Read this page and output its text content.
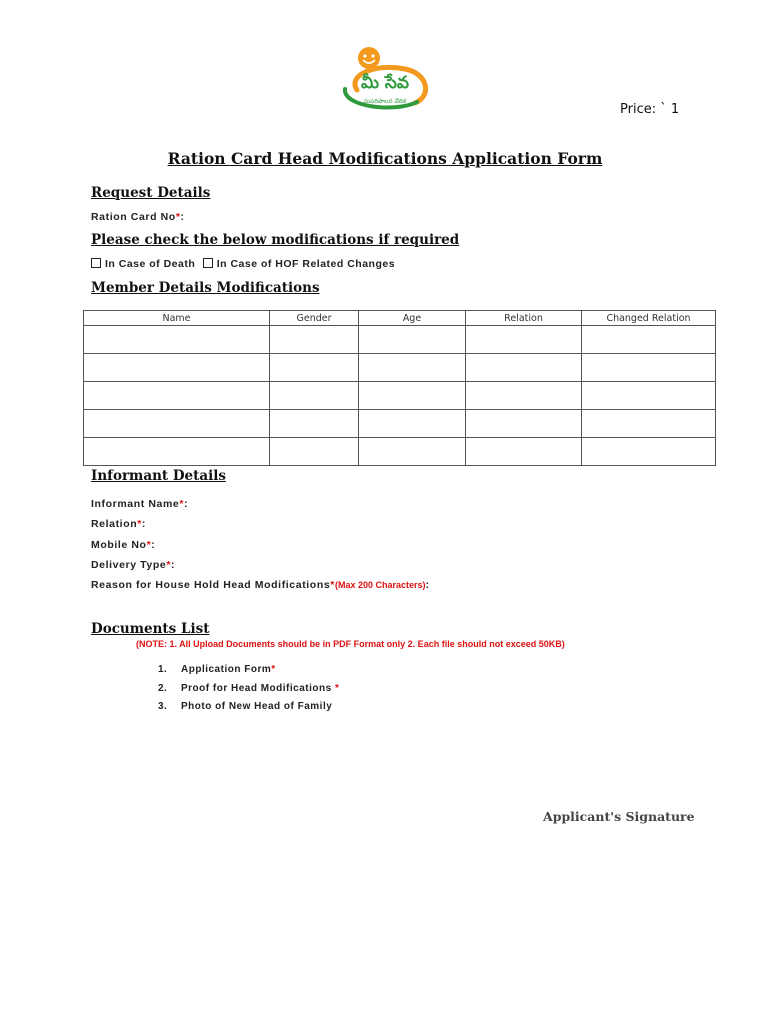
మీ సేవ
సుపరిపాలన వేదిక
Price: ` 1
Ration Card Head Modifications Application Form
Request Details
Ration Card No*:
Please check the below modifications if required
In Case of Death In Case of HOF Related Changes
Member Details Modifications
Name	Gender	Age	Relation	Changed Relation

Informant Details
Informant Name*:
Relation*:
Mobile No*:
Delivery Type*:
Reason for House Hold Head Modifications*(Max 200 Characters):
Documents List
(NOTE: 1. All Upload Documents should be in PDF Format only 2. Each file should not exceed 50KB)
1. Application Form*
2. Proof for Head Modifications *
3. Photo of New Head of Family
Applicant's Signature
